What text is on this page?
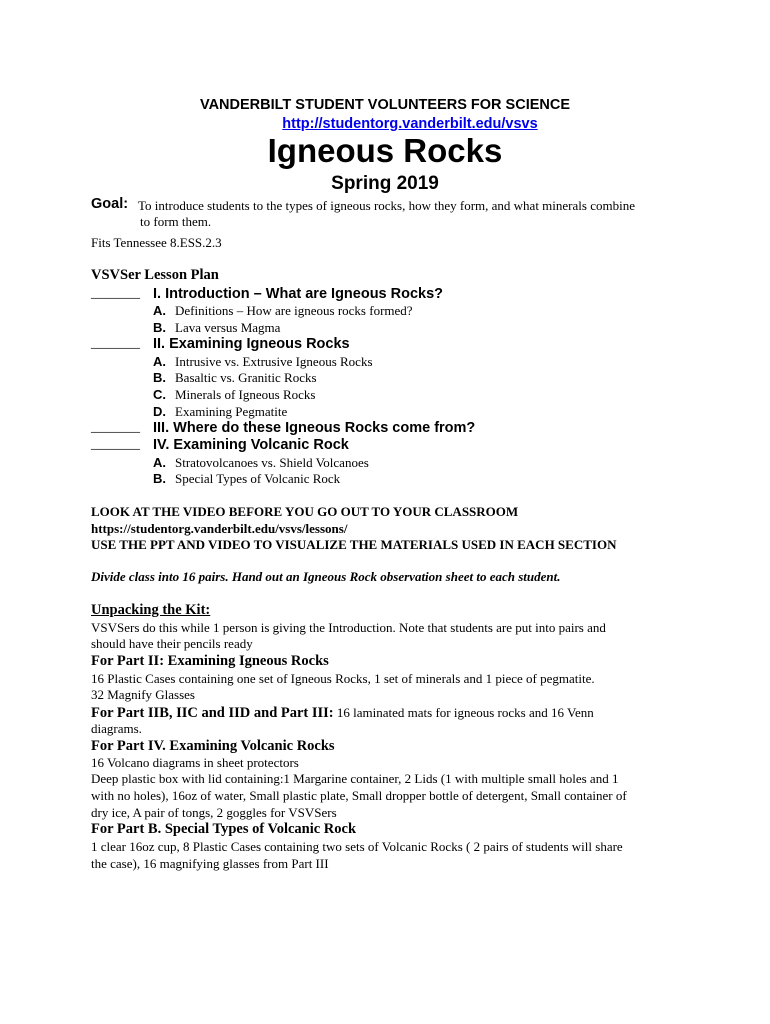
VANDERBILT STUDENT VOLUNTEERS FOR SCIENCE
http://studentorg.vanderbilt.edu/vsvs
Igneous Rocks
Spring 2019
Goal: To introduce students to the types of igneous rocks, how they form, and what minerals combine
to form them.
Fits Tennessee 8.ESS.2.3
VSVSer Lesson Plan
_______ I. Introduction – What are Igneous Rocks?
A. Definitions – How are igneous rocks formed?
B. Lava versus Magma
_______ II. Examining Igneous Rocks
A. Intrusive vs. Extrusive Igneous Rocks
B. Basaltic vs. Granitic Rocks
C. Minerals of Igneous Rocks
D. Examining Pegmatite
_______ III. Where do these Igneous Rocks come from?
_______ IV. Examining Volcanic Rock
A. Stratovolcanoes vs. Shield Volcanoes
B. Special Types of Volcanic Rock
LOOK AT THE VIDEO BEFORE YOU GO OUT TO YOUR CLASSROOM
https://studentorg.vanderbilt.edu/vsvs/lessons/
USE THE PPT AND VIDEO TO VISUALIZE THE MATERIALS USED IN EACH SECTION
Divide class into 16 pairs. Hand out an Igneous Rock observation sheet to each student.
Unpacking the Kit:
VSVSers do this while 1 person is giving the Introduction. Note that students are put into pairs and
should have their pencils ready
For Part II: Examining Igneous Rocks
16 Plastic Cases containing one set of Igneous Rocks, 1 set of minerals and 1 piece of pegmatite.
32 Magnify Glasses
For Part IIB, IIC and IID and Part III: 16 laminated mats for igneous rocks and 16 Venn
diagrams.
For Part IV. Examining Volcanic Rocks
16 Volcano diagrams in sheet protectors
Deep plastic box with lid containing:1 Margarine container, 2 Lids (1 with multiple small holes and 1
with no holes), 16oz of water, Small plastic plate, Small dropper bottle of detergent, Small container of
dry ice, A pair of tongs, 2 goggles for VSVSers
For Part B. Special Types of Volcanic Rock
1 clear 16oz cup, 8 Plastic Cases containing two sets of Volcanic Rocks ( 2 pairs of students will share
the case), 16 magnifying glasses from Part III
